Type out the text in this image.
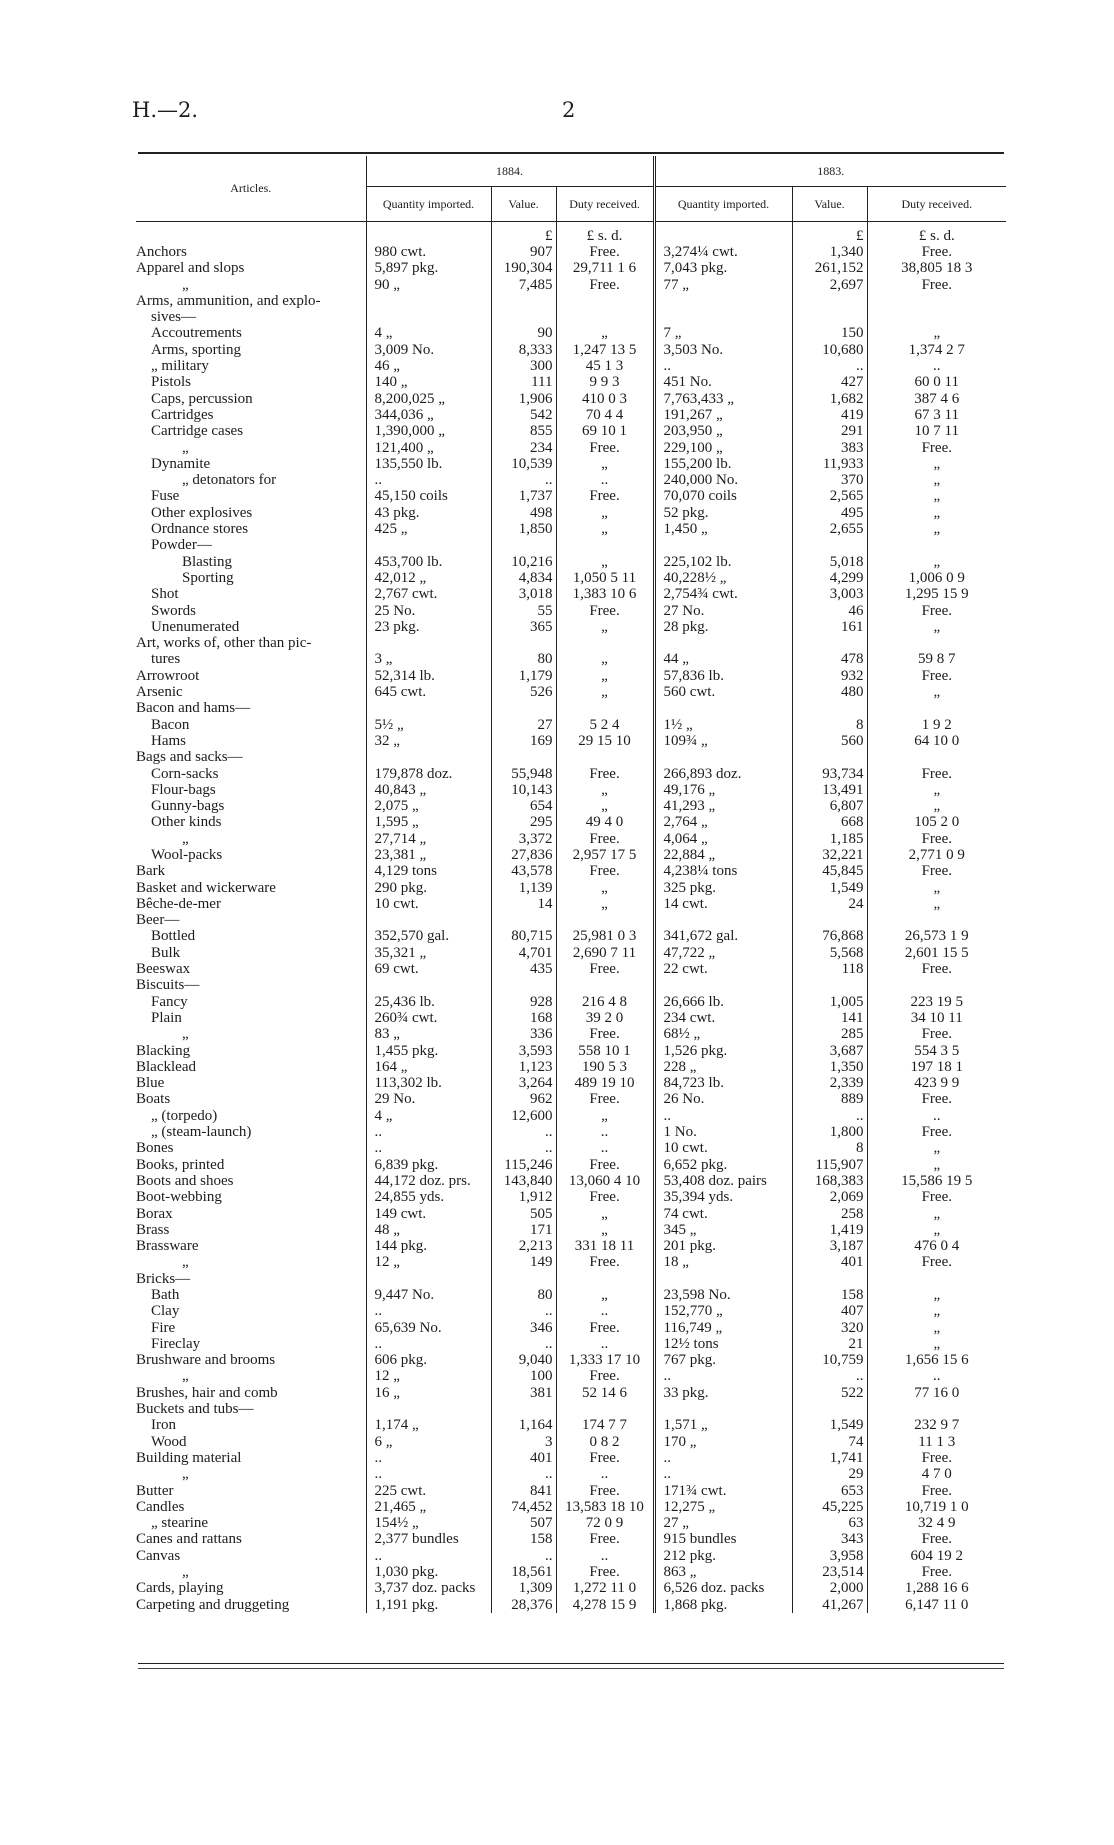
H.—2.	2
Articles.	1884.			1883.		
	Quantity imported.	Value.	Duty received.	Quantity imported.	Value.	Duty received.
		£	£ s. d.		£	£ s. d.
Anchors	980 cwt.	907	Free.	3,274¼ cwt.	1,340	Free.
Apparel and slops	5,897 pkg.	190,304	29,711 1 6	7,043 pkg.	261,152	38,805 18 3
„	90 „	7,485	Free.	77 „	2,697	Free.
Arms, ammunition, and explo-						
sives—						
Accoutrements	4 „	90	„	7 „	150	„
Arms, sporting	3,009 No.	8,333	1,247 13 5	3,503 No.	10,680	1,374 2 7
„ military	46 „	300	45 1 3	..	..	..
Pistols	140 „	111	9 9 3	451 No.	427	60 0 11
Caps, percussion	8,200,025 „	1,906	410 0 3	7,763,433 „	1,682	387 4 6
Cartridges	344,036 „	542	70 4 4	191,267 „	419	67 3 11
Cartridge cases	1,390,000 „	855	69 10 1	203,950 „	291	10 7 11
„	121,400 „	234	Free.	229,100 „	383	Free.
Dynamite	135,550 lb.	10,539	„	155,200 lb.	11,933	„
„ detonators for	..	..	..	240,000 No.	370	„
Fuse	45,150 coils	1,737	Free.	70,070 coils	2,565	„
Other explosives	43 pkg.	498	„	52 pkg.	495	„
Ordnance stores	425 „	1,850	„	1,450 „	2,655	„
Powder—						
Blasting	453,700 lb.	10,216	„	225,102 lb.	5,018	„
Sporting	42,012 „	4,834	1,050 5 11	40,228½ „	4,299	1,006 0 9
Shot	2,767 cwt.	3,018	1,383 10 6	2,754¾ cwt.	3,003	1,295 15 9
Swords	25 No.	55	Free.	27 No.	46	Free.
Unenumerated	23 pkg.	365	„	28 pkg.	161	„
Art, works of, other than pic-						
tures	3 „	80	„	44 „	478	59 8 7
Arrowroot	52,314 lb.	1,179	„	57,836 lb.	932	Free.
Arsenic	645 cwt.	526	„	560 cwt.	480	„
Bacon and hams—						
Bacon	5½ „	27	5 2 4	1½ „	8	1 9 2
Hams	32 „	169	29 15 10	109¾ „	560	64 10 0
Bags and sacks—						
Corn-sacks	179,878 doz.	55,948	Free.	266,893 doz.	93,734	Free.
Flour-bags	40,843 „	10,143	„	49,176 „	13,491	„
Gunny-bags	2,075 „	654	„	41,293 „	6,807	„
Other kinds	1,595 „	295	49 4 0	2,764 „	668	105 2 0
„	27,714 „	3,372	Free.	4,064 „	1,185	Free.
Wool-packs	23,381 „	27,836	2,957 17 5	22,884 „	32,221	2,771 0 9
Bark	4,129 tons	43,578	Free.	4,238¼ tons	45,845	Free.
Basket and wickerware	290 pkg.	1,139	„	325 pkg.	1,549	„
Bêche-de-mer	10 cwt.	14	„	14 cwt.	24	„
Beer—						
Bottled	352,570 gal.	80,715	25,981 0 3	341,672 gal.	76,868	26,573 1 9
Bulk	35,321 „	4,701	2,690 7 11	47,722 „	5,568	2,601 15 5
Beeswax	69 cwt.	435	Free.	22 cwt.	118	Free.
Biscuits—						
Fancy	25,436 lb.	928	216 4 8	26,666 lb.	1,005	223 19 5
Plain	260¾ cwt.	168	39 2 0	234 cwt.	141	34 10 11
„	83 „	336	Free.	68½ „	285	Free.
Blacking	1,455 pkg.	3,593	558 10 1	1,526 pkg.	3,687	554 3 5
Blacklead	164 „	1,123	190 5 3	228 „	1,350	197 18 1
Blue	113,302 lb.	3,264	489 19 10	84,723 lb.	2,339	423 9 9
Boats	29 No.	962	Free.	26 No.	889	Free.
„ (torpedo)	4 „	12,600	„	..	..	..
„ (steam-launch)	..	..	..	1 No.	1,800	Free.
Bones	..	..	..	10 cwt.	8	„
Books, printed	6,839 pkg.	115,246	Free.	6,652 pkg.	115,907	„
Boots and shoes	44,172 doz. prs.	143,840	13,060 4 10	53,408 doz. pairs	168,383	15,586 19 5
Boot-webbing	24,855 yds.	1,912	Free.	35,394 yds.	2,069	Free.
Borax	149 cwt.	505	„	74 cwt.	258	„
Brass	48 „	171	„	345 „	1,419	„
Brassware	144 pkg.	2,213	331 18 11	201 pkg.	3,187	476 0 4
„	12 „	149	Free.	18 „	401	Free.
Bricks—						
Bath	9,447 No.	80	„	23,598 No.	158	„
Clay	..	..	..	152,770 „	407	„
Fire	65,639 No.	346	Free.	116,749 „	320	„
Fireclay	..	..	..	12½ tons	21	„
Brushware and brooms	606 pkg.	9,040	1,333 17 10	767 pkg.	10,759	1,656 15 6
„	12 „	100	Free.	..	..	..
Brushes, hair and comb	16 „	381	52 14 6	33 pkg.	522	77 16 0
Buckets and tubs—						
Iron	1,174 „	1,164	174 7 7	1,571 „	1,549	232 9 7
Wood	6 „	3	0 8 2	170 „	74	11 1 3
Building material	..	401	Free.	..	1,741	Free.
„	..	..	..	..	29	4 7 0
Butter	225 cwt.	841	Free.	171¾ cwt.	653	Free.
Candles	21,465 „	74,452	13,583 18 10	12,275 „	45,225	10,719 1 0
„ stearine	154½ „	507	72 0 9	27 „	63	32 4 9
Canes and rattans	2,377 bundles	158	Free.	915 bundles	343	Free.
Canvas	..	..	..	212 pkg.	3,958	604 19 2
„	1,030 pkg.	18,561	Free.	863 „	23,514	Free.
Cards, playing	3,737 doz. packs	1,309	1,272 11 0	6,526 doz. packs	2,000	1,288 16 6
Carpeting and druggeting	1,191 pkg.	28,376	4,278 15 9	1,868 pkg.	41,267	6,147 11 0
